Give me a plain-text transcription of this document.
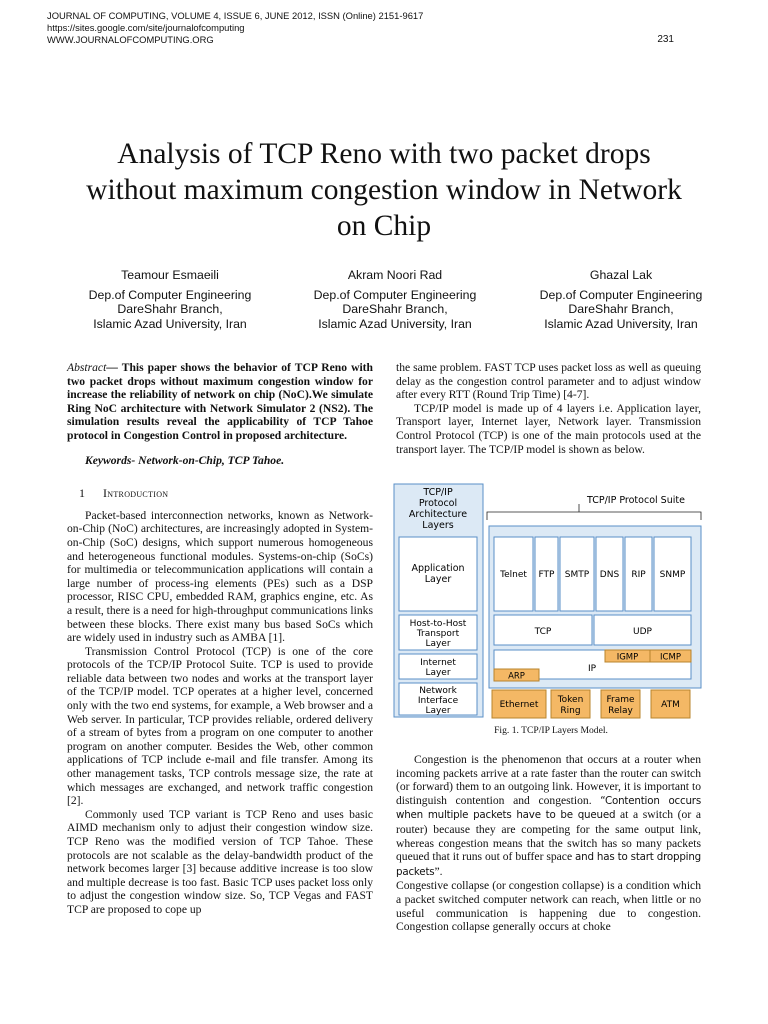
JOURNAL OF COMPUTING, VOLUME 4, ISSUE 6, JUNE 2012, ISSN (Online) 2151-9617
https://sites.google.com/site/journalofcomputing
WWW.JOURNALOFCOMPUTING.ORG	231
Analysis of TCP Reno with two packet drops
without maximum congestion window in Network
on Chip
Teamour Esmaeili
Dep.of Computer Engineering
DareShahr Branch,
Islamic Azad University, Iran
Akram Noori Rad
Dep.of Computer Engineering
DareShahr Branch,
Islamic Azad University, Iran
Ghazal Lak
Dep.of Computer Engineering
DareShahr Branch,
Islamic Azad University, Iran

Abstract— This paper shows the behavior of TCP Reno with two packet drops without maximum congestion window for increase the reliability of network on chip (NoC).We simulate Ring NoC architecture with Network Simulator 2 (NS2). The simulation results reveal the applicability of TCP Tahoe protocol in Congestion Control in proposed architecture.

Keywords- Network-on-Chip, TCP Tahoe.

1 Introduction

Packet-based interconnection networks, known as Network-on-Chip (NoC) architectures, are increasingly adopted in System-on-Chip (SoC) designs, which support numerous homogeneous and heterogeneous functional modules. Systems-on-chip (SoCs) for multimedia or telecommunication applications will contain a large number of process-ing elements (PEs) such as a DSP processor, RISC CPU, embedded RAM, graphics engine, etc. As a result, there is a need for high-throughput communications links between these blocks. There exist many bus based SoCs which are widely used in industry such as AMBA [1].

Transmission Control Protocol (TCP) is one of the core protocols of the TCP/IP Protocol Suite. TCP is used to provide reliable data between two nodes and works at the transport layer of the TCP/IP model. TCP operates at a higher level, concerned only with the two end systems, for example, a Web browser and a Web server. In particular, TCP provides reliable, ordered delivery of a stream of bytes from a program on one computer to another program on another computer. Besides the Web, other common applications of TCP include e-mail and file transfer. Among its other management tasks, TCP controls message size, the rate at which messages are exchanged, and network traffic congestion [2].

Commonly used TCP variant is TCP Reno and uses basic AIMD mechanism only to adjust their congestion window size. TCP Reno was the modified version of TCP Tahoe. These protocols are not scalable as the delay-bandwidth product of the network becomes larger [3] because additive increase is too slow and multiple decrease is too fast. Basic TCP uses packet loss only to adjust the congestion window size. So, TCP Vegas and FAST TCP are proposed to cope up

the same problem. FAST TCP uses packet loss as well as queuing delay as the congestion control parameter and to adjust window after every RTT (Round Trip Time) [4-7].

TCP/IP model is made up of 4 layers i.e. Application layer, Transport layer, Internet layer, Network layer. Transmission Control Protocol (TCP) is one of the main protocols used at the transport layer. The TCP/IP model is shown as below.

TCP/IP
Protocol
Architecture
Layers
TCP/IP Protocol Suite
Application
Layer
Host-to-Host
Transport
Layer
Internet
Layer
Network
Interface
Layer
Telnet FTP SMTP DNS RIP SNMP
TCP	UDP
IP
IGMP	ICMP
ARP
Ethernet Token
Ring
Frame
Relay
ATM
Fig. 1. TCP/IP Layers Model.

Congestion is the phenomenon that occurs at a router when incoming packets arrive at a rate faster than the router can switch (or forward) them to an outgoing link. However, it is important to distinguish contention and congestion. “Contention occurs when multiple packets have to be queued at a switch (or a router) because they are competing for the same output link, whereas congestion means that the switch has so many packets queued that it runs out of buffer space and has to start dropping packets”.

Congestive collapse (or congestion collapse) is a condition which a packet switched computer network can reach, when little or no useful communication is happening due to congestion. Congestion collapse generally occurs at choke
